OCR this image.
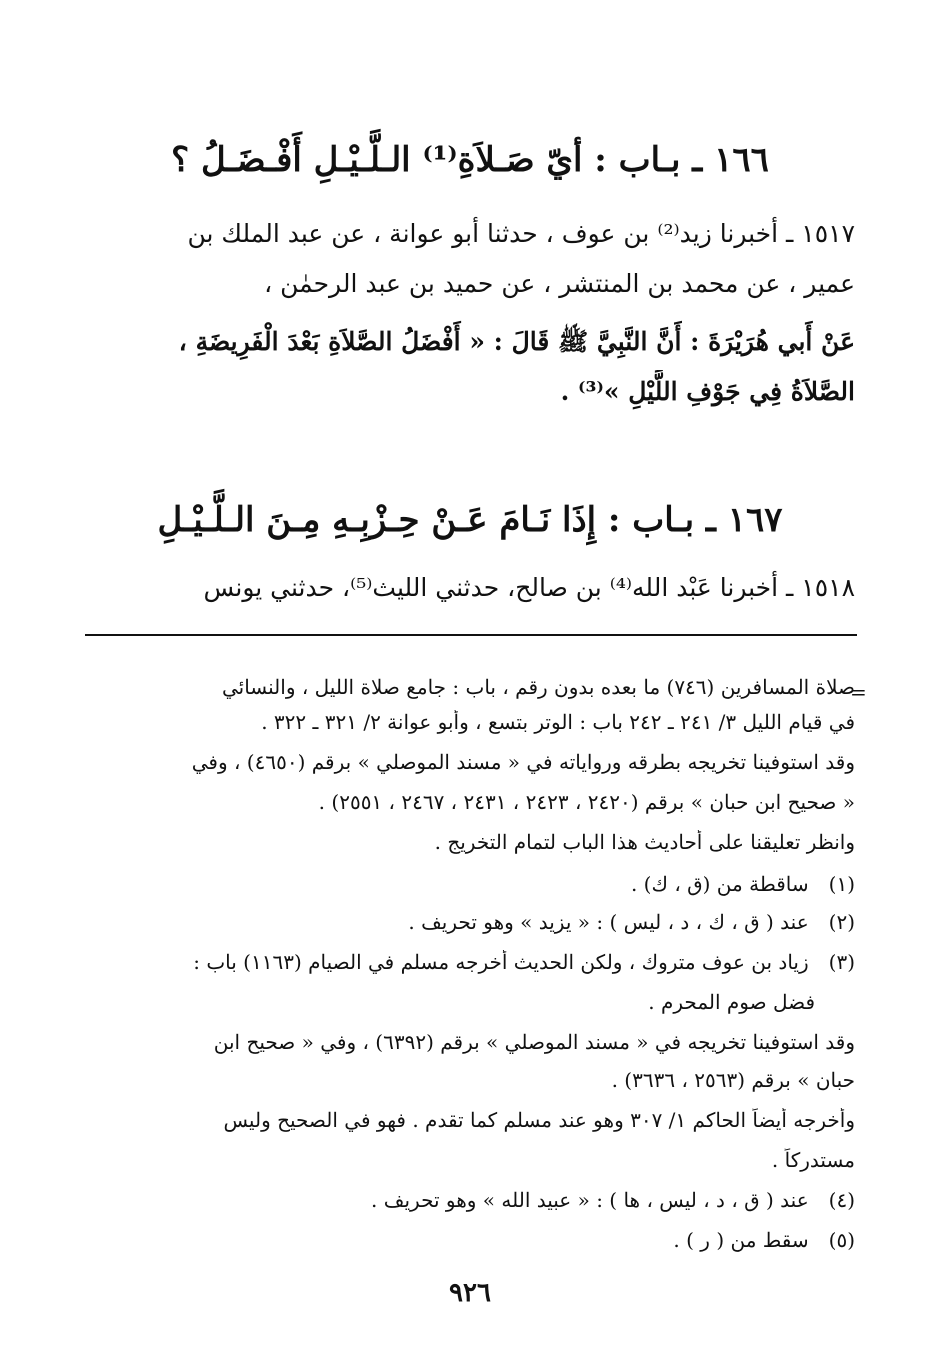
١٦٦ ـ بـاب : أيّ صَـلاَةِ⁽¹⁾ الـلَّـيْـلِ أَفْـضَـلُ ؟
١٥١٧ ـ أخبرنا زيد⁽²⁾ بن عوف ، حدثنا أبو عوانة ، عن عبد الملك بن
عمير ، عن محمد بن المنتشر ، عن حميد بن عبد الرحمٰن ،
عَنْ أَبي هُرَيْرَةَ : أَنَّ النَّبِيَّ ﷺ قَالَ : « أَفْضَلُ الصَّلاَةِ بَعْدَ الْفَرِيضَةِ ،
الصَّلاَةُ فِي جَوْفِ اللَّيْلِ »⁽³⁾ .
١٦٧ ـ بـاب : إِذَا نَـامَ عَـنْ حِـزْبِـهِ مِـنَ الـلَّـيْـلِ
١٥١٨ ـ أخبرنا عَبْد الله⁽⁴⁾ بن صالح، حدثني الليث⁽⁵⁾، حدثني يونس
=
صلاة المسافرين (٧٤٦) ما بعده بدون رقم ، باب : جامع صلاة الليل ، والنسائي
في قيام الليل ٣/ ٢٤١ ـ ٢٤٢ باب : الوتر بتسع ، وأبو عوانة ٢/ ٣٢١ ـ ٣٢٢ .
وقد استوفينا تخريجه بطرقه ورواياته في « مسند الموصلي » برقم (٤٦٥٠) ، وفي
« صحيح ابن حبان » برقم (٢٤٢٠ ، ٢٤٢٣ ، ٢٤٣١ ، ٢٤٦٧ ، ٢٥٥١) .
وانظر تعليقنا على أحاديث هذا الباب لتمام التخريج .
(١) ساقطة من (ق ، ك) .
(٢) عند ( ق ، ك ، د ، ليس ) : « يزيد » وهو تحريف .
(٣) زياد بن عوف متروك ، ولكن الحديث أخرجه مسلم في الصيام (١١٦٣) باب :
فضل صوم المحرم .
وقد استوفينا تخريجه في « مسند الموصلي » برقم (٦٣٩٢) ، وفي « صحيح ابن
حبان » برقم (٢٥٦٣ ، ٣٦٣٦) .
وأخرجه أيضاً الحاكم ١/ ٣٠٧ وهو عند مسلم كما تقدم . فهو في الصحيح وليس
مستدركاً .
(٤) عند ( ق ، د ، ليس ، ها ) : « عبيد الله » وهو تحريف .
(٥) سقط من ( ر ) .
٩٢٦
